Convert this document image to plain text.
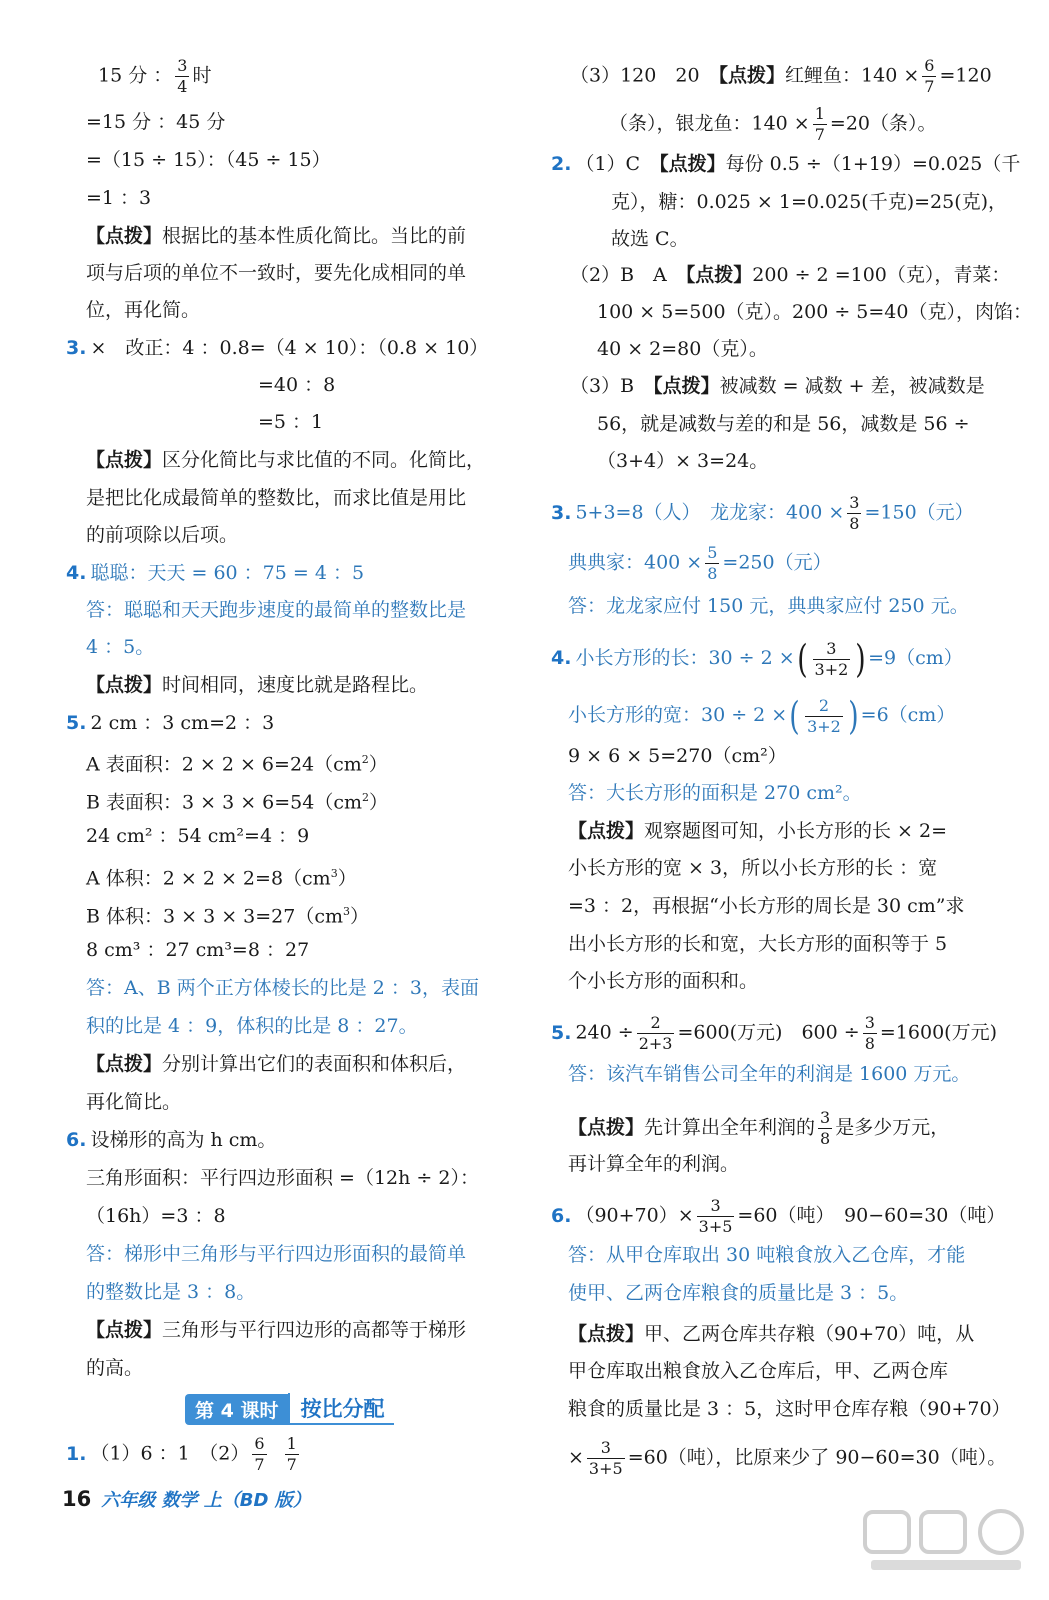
15 分 ： $\frac{3}{4}$ 时
=15 分 ：45 分
=（15 ÷ 15）：（45 ÷ 15）
=1 ：3
【点拨】根据比的基本性质化简比。当比的前
项与后项的单位不一致时，要先化成相同的单
位，再化简。
3. ×　改正：4 ：0.8=（4 × 10）：（0.8 × 10）
=40 ：8
=5 ：1
【点拨】区分化简比与求比值的不同。化简比，
是把比化成最简单的整数比，而求比值是用比
的前项除以后项。
4. 聪聪：天天 = 60 ：75 = 4 ：5
答：聪聪和天天跑步速度的最简单的整数比是
4 ：5。
【点拨】时间相同，速度比就是路程比。
5. 2 cm ：3 cm=2 ：3
A 表面积：$2 \times 2 \times 6=24(cm^2)$
B 表面积：$3 \times 3 \times 6=54(cm^2)$
24 cm² ：54 cm²=4 ：9
A 体积：$2 \times 2 \times 2=8(cm^3)$
B 体积：$3 \times 3 \times 3=27(cm^3)$
8 cm³ ：27 cm³=8 ：27
答：A、B 两个正方体棱长的比是 2 ：3，表面
积的比是 4 ：9，体积的比是 8 ：27。
【点拨】分别计算出它们的表面积和体积后，
再化简比。
6. 设梯形的高为 h cm。
三角形面积：平行四边形面积 =（12h ÷ 2）：
（16h）=3 ：8
答：梯形中三角形与平行四边形面积的最简单
的整数比是 3 ：8。
【点拨】三角形与平行四边形的高都等于梯形
的高。
第 4 课时	按比分配
1. （1）6 ：1　$(2) \frac{6}{7}$
$\frac{1}{7}$
（3）120　20　【点拨】红鲤鱼：$140 \times \frac{6}{7} =120$
（条），银龙鱼：$140 \times \frac{1}{7} =20$（条）。
2. （1）C　【点拨】每份 0.5 ÷（1+19）=0.025（千
克），糖：0.025 × 1=0.025(千克)=25(克)，
故选 C。
（2）B　A　【点拨】200 ÷ 2 =100（克），青菜：
100 × 5=500（克）。200 ÷ 5=40（克），肉馅：
40 × 2=80（克）。
（3）B　【点拨】被减数 = 减数 + 差，被减数是
56，就是减数与差的和是 56，减数是 56 ÷
（3+4）× 3=24。
3. 5+3=8（人）　龙龙家：$400 \times \frac{3}{8} =150$（元）
典典家：$400 \times \frac{5}{8} =250$（元）
答：龙龙家应付 150 元，典典家应付 250 元。
4. 小长方形的长：30 ÷ 2 ×( $\frac{3}{3+2}$ ) =9（cm）
小长方形的宽：30 ÷ 2 ×( $\frac{2}{3+2}$ ) =6（cm）
9 × 6 × 5=270（cm²）
答：大长方形的面积是 270 cm²。
【点拨】观察题图可知，小长方形的长 × 2=
小长方形的宽 × 3，所以小长方形的长 ：宽
=3 ：2，再根据“小长方形的周长是 30 cm”求
出小长方形的长和宽，大长方形的面积等于 5
个小长方形的面积和。
5. $240 \div \frac{2}{2+3} =600$(万元)　$600 \div \frac{3}{8} =1600$(万元)
答：该汽车销售公司全年的利润是 1600 万元。
【点拨】先计算出全年利润的 $\frac{3}{8}$ 是多少万元，
再计算全年的利润。
6. $(90+70)\times \frac{3}{3+5} =60$（吨）　90−60=30（吨）
答：从甲仓库取出 30 吨粮食放入乙仓库，才能
使甲、乙两仓库粮食的质量比是 3 ：5。
【点拨】甲、乙两仓库共存粮（90+70）吨，从
甲仓库取出粮食放入乙仓库后，甲、乙两仓库
粮食的质量比是 3 ：5，这时甲仓库存粮（90+70）
× $\frac{3}{3+5} =60$（吨），比原来少了 90−60=30（吨）。
16 六年级 数学 上（BD 版）
